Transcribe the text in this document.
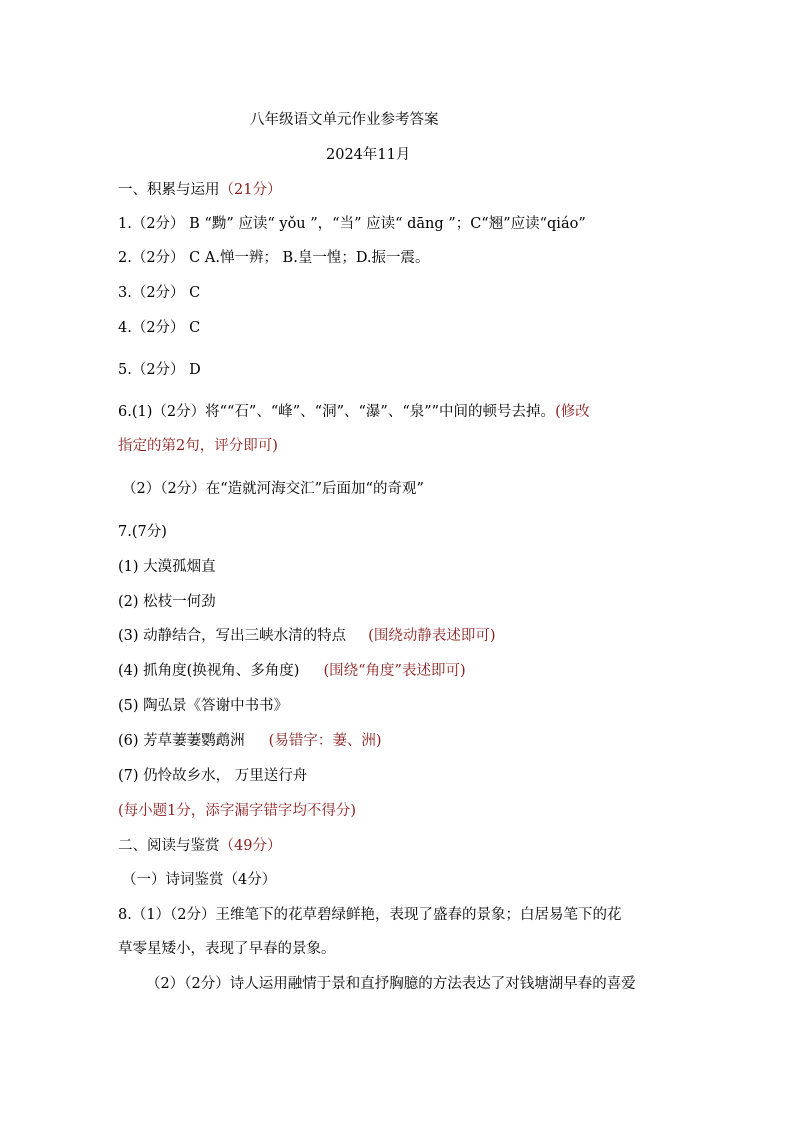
八年级语文单元作业参考答案
2024年11月
一、积累与运用（21分）
1.（2分） B “黝” 应读“ yǒu ”，“当” 应读“ dāng ”；C“翘”应读“qiáo”
2.（2分） C A.惮一辨； B.皇一惶；D.振一震。
3.（2分） C
4.（2分） C
5.（2分） D
6.(1)（2分）将““石”、“峰”、“洞”、“瀑”、“泉””中间的顿号去掉。(修改
指定的第2句，评分即可)
（2）（2分）在“造就河海交汇”后面加“的奇观”
7.(7分)
(1) 大漠孤烟直
(2) 松枝一何劲
(3) 动静结合，写出三峡水清的特点 (围绕动静表述即可)
(4) 抓角度(换视角、多角度) (围绕“角度”表述即可)
(5) 陶弘景《答谢中书书》
(6) 芳草萋萋鹦鹉洲 (易错字：萋、洲)
(7) 仍怜故乡水， 万里送行舟
(每小题1分，添字漏字错字均不得分)
二、阅读与鉴赏（49分）
（一）诗词鉴赏（4分）
8.（1）（2分）王维笔下的花草碧绿鲜艳，表现了盛春的景象；白居易笔下的花
草零星矮小，表现了早春的景象。
（2）（2分）诗人运用融情于景和直抒胸臆的方法表达了对钱塘湖早春的喜爱
